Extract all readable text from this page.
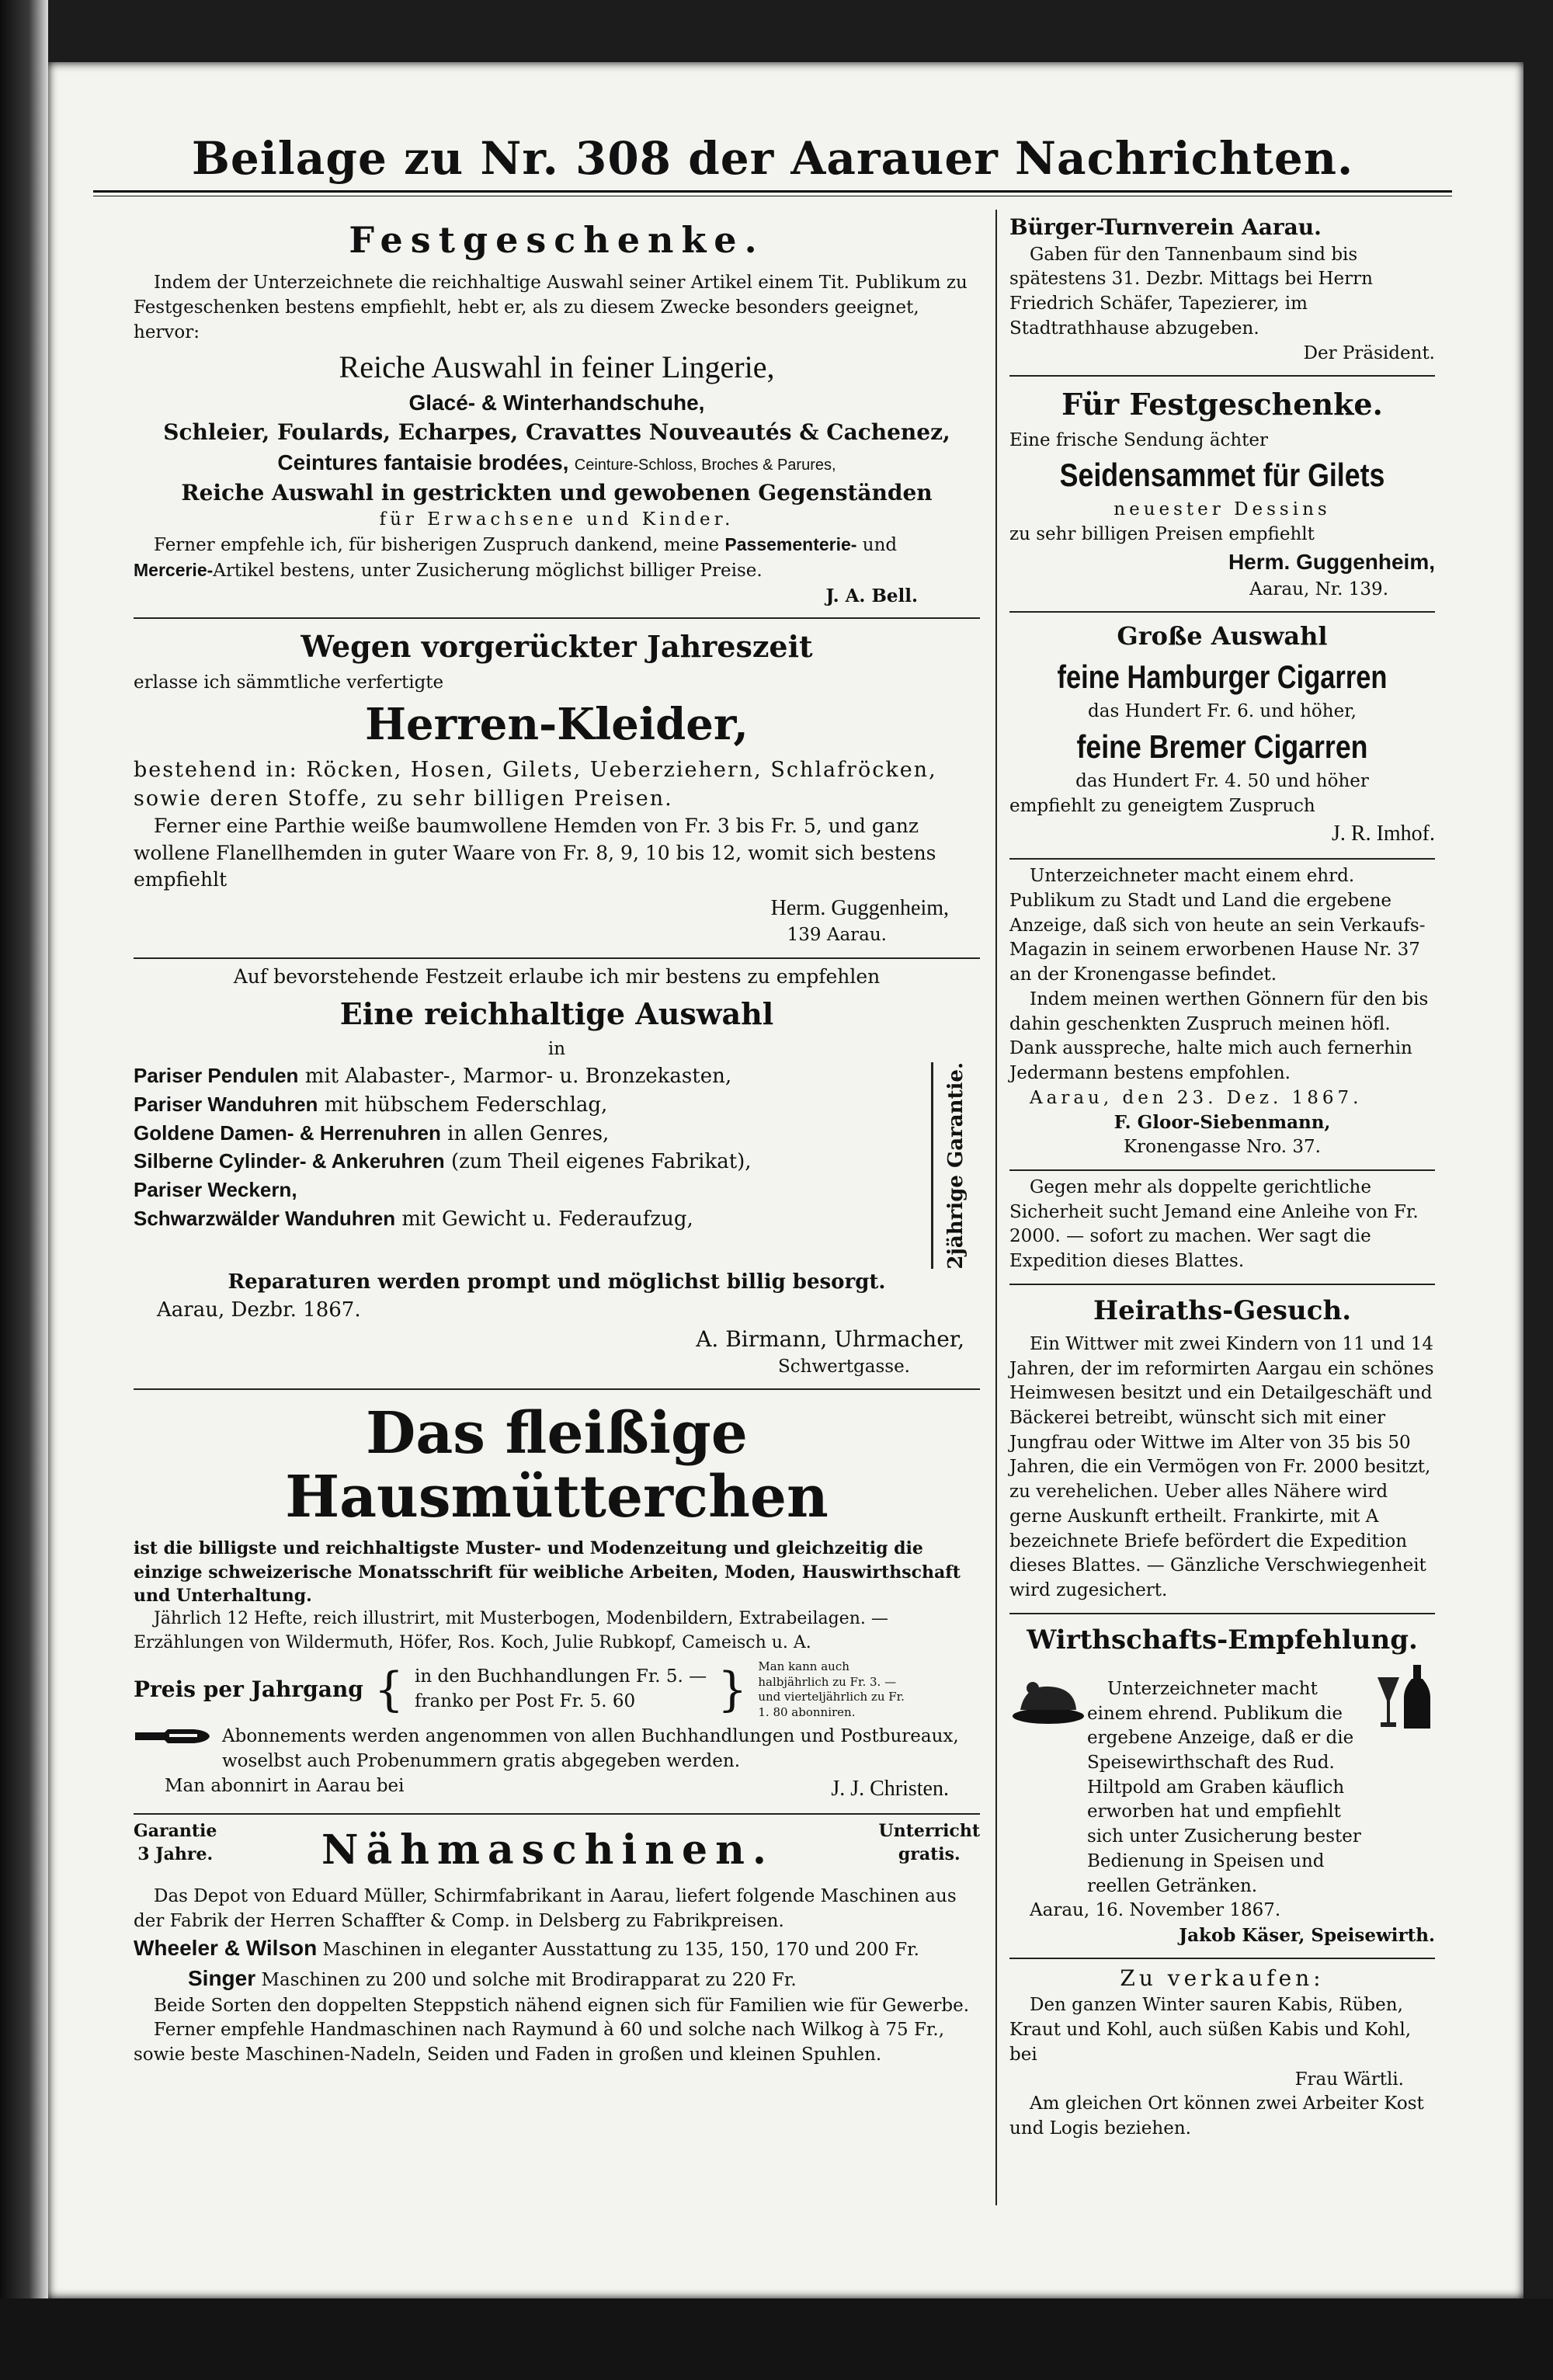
Beilage zu Nr. 308 der Aarauer Nachrichten.
Festgeschenke.
Indem der Unterzeichnete die reichhaltige Auswahl seiner Artikel einem Tit. Publikum zu Festgeschenken bestens empfiehlt, hebt er, als zu diesem Zwecke besonders geeignet, hervor:
Reiche Auswahl in feiner Lingerie,
Glacé- & Winterhandschuhe,
Schleier, Foulards, Echarpes, Cravattes Nouveautés & Cachenez,
Ceintures fantaisie brodées, Ceinture-Schloss, Broches & Parures,
Reiche Auswahl in gestrickten und gewobenen Gegenständen
für Erwachsene und Kinder.
Ferner empfehle ich, für bisherigen Zuspruch dankend, meine Passementerie- und Mercerie-Artikel bestens, unter Zusicherung möglichst billiger Preise.
J. A. Bell.
Wegen vorgerückter Jahreszeit
erlasse ich sämmtliche verfertigte
Herren-Kleider,
bestehend in: Röcken, Hosen, Gilets, Ueberziehern, Schlafröcken, sowie deren Stoffe, zu sehr billigen Preisen.
Ferner eine Parthie weiße baumwollene Hemden von Fr. 3 bis Fr. 5, und ganz wollene Flanellhemden in guter Waare von Fr. 8, 9, 10 bis 12, womit sich bestens empfiehlt
Herm. Guggenheim,
139 Aarau.
Auf bevorstehende Festzeit erlaube ich mir bestens zu empfehlen
Eine reichhaltige Auswahl
in
Pariser Pendulen mit Alabaster-, Marmor- u. Bronzekasten,
Pariser Wanduhren mit hübschem Federschlag,
Goldene Damen- & Herrenuhren in allen Genres,
Silberne Cylinder- & Ankeruhren (zum Theil eigenes Fabrikat),
Pariser Weckern,
Schwarzwälder Wanduhren mit Gewicht u. Federaufzug,	2jährige Garantie.
Reparaturen werden prompt und möglichst billig besorgt.
Aarau, Dezbr. 1867.
A. Birmann, Uhrmacher,
Schwertgasse.
Das fleißige Hausmütterchen
ist die billigste und reichhaltigste Muster- und Modenzeitung und gleichzeitig die einzige schweizerische Monatsschrift für weibliche Arbeiten, Moden, Hauswirthschaft und Unterhaltung.
Jährlich 12 Hefte, reich illustrirt, mit Musterbogen, Modenbildern, Extrabeilagen. — Erzählungen von Wildermuth, Höfer, Ros. Koch, Julie Rubkopf, Cameisch u. A.
Preis per Jahrgang { in den Buchhandlungen Fr. 5. —
franko per Post Fr. 5. 60	} Man kann auch halbjährlich zu Fr. 3. — und vierteljährlich zu Fr. 1. 80 abonniren.
Abonnements werden angenommen von allen Buchhandlungen und Postbureaux, woselbst auch Probenummern gratis abgegeben werden.
Man abonnirt in Aarau bei	J. J. Christen.
Garantie
3 Jahre.	Nähmaschinen.	Unterricht
gratis.
Das Depot von Eduard Müller, Schirmfabrikant in Aarau, liefert folgende Maschinen aus der Fabrik der Herren Schaffter & Comp. in Delsberg zu Fabrikpreisen.
Wheeler & Wilson Maschinen in eleganter Ausstattung zu 135, 150, 170 und 200 Fr.
Singer Maschinen zu 200 und solche mit Brodirapparat zu 220 Fr.
Beide Sorten den doppelten Steppstich nähend eignen sich für Familien wie für Gewerbe.
Ferner empfehle Handmaschinen nach Raymund à 60 und solche nach Wilkog à 75 Fr., sowie beste Maschinen-Nadeln, Seiden und Faden in großen und kleinen Spuhlen.
Bürger-Turnverein Aarau.
Gaben für den Tannenbaum sind bis spätestens 31. Dezbr. Mittags bei Herrn Friedrich Schäfer, Tapezierer, im Stadtrathhause abzugeben.
Der Präsident.
Für Festgeschenke.
Eine frische Sendung ächter
Seidensammet für Gilets
neuester Dessins
zu sehr billigen Preisen empfiehlt
Herm. Guggenheim,
Aarau, Nr. 139.
Große Auswahl
feine Hamburger Cigarren
das Hundert Fr. 6. und höher,
feine Bremer Cigarren
das Hundert Fr. 4. 50 und höher
empfiehlt zu geneigtem Zuspruch
J. R. Imhof.
Unterzeichneter macht einem ehrd. Publikum zu Stadt und Land die ergebene Anzeige, daß sich von heute an sein Verkaufs-Magazin in seinem erworbenen Hause Nr. 37 an der Kronengasse befindet.
Indem meinen werthen Gönnern für den bis dahin geschenkten Zuspruch meinen höfl. Dank ausspreche, halte mich auch fernerhin Jedermann bestens empfohlen.
Aarau, den 23. Dez. 1867.
F. Gloor-Siebenmann,
Kronengasse Nro. 37.
Gegen mehr als doppelte gerichtliche Sicherheit sucht Jemand eine Anleihe von Fr. 2000. — sofort zu machen. Wer sagt die Expedition dieses Blattes.
Heiraths-Gesuch.
Ein Wittwer mit zwei Kindern von 11 und 14 Jahren, der im reformirten Aargau ein schönes Heimwesen besitzt und ein Detailgeschäft und Bäckerei betreibt, wünscht sich mit einer Jungfrau oder Wittwe im Alter von 35 bis 50 Jahren, die ein Vermögen von Fr. 2000 besitzt, zu verehelichen. Ueber alles Nähere wird gerne Auskunft ertheilt. Frankirte, mit A bezeichnete Briefe befördert die Expedition dieses Blattes. — Gänzliche Verschwiegenheit wird zugesichert.
Wirthschafts-Empfehlung.
Unterzeichneter macht einem ehrend. Publikum die ergebene Anzeige, daß er die Speisewirthschaft des Rud. Hiltpold am Graben käuflich erworben hat und empfiehlt sich unter Zusicherung bester Bedienung in Speisen und reellen Getränken.
Aarau, 16. November 1867.
Jakob Käser, Speisewirth.
Zu verkaufen:
Den ganzen Winter sauren Kabis, Rüben, Kraut und Kohl, auch süßen Kabis und Kohl, bei
Frau Wärtli.
Am gleichen Ort können zwei Arbeiter Kost und Logis beziehen.
